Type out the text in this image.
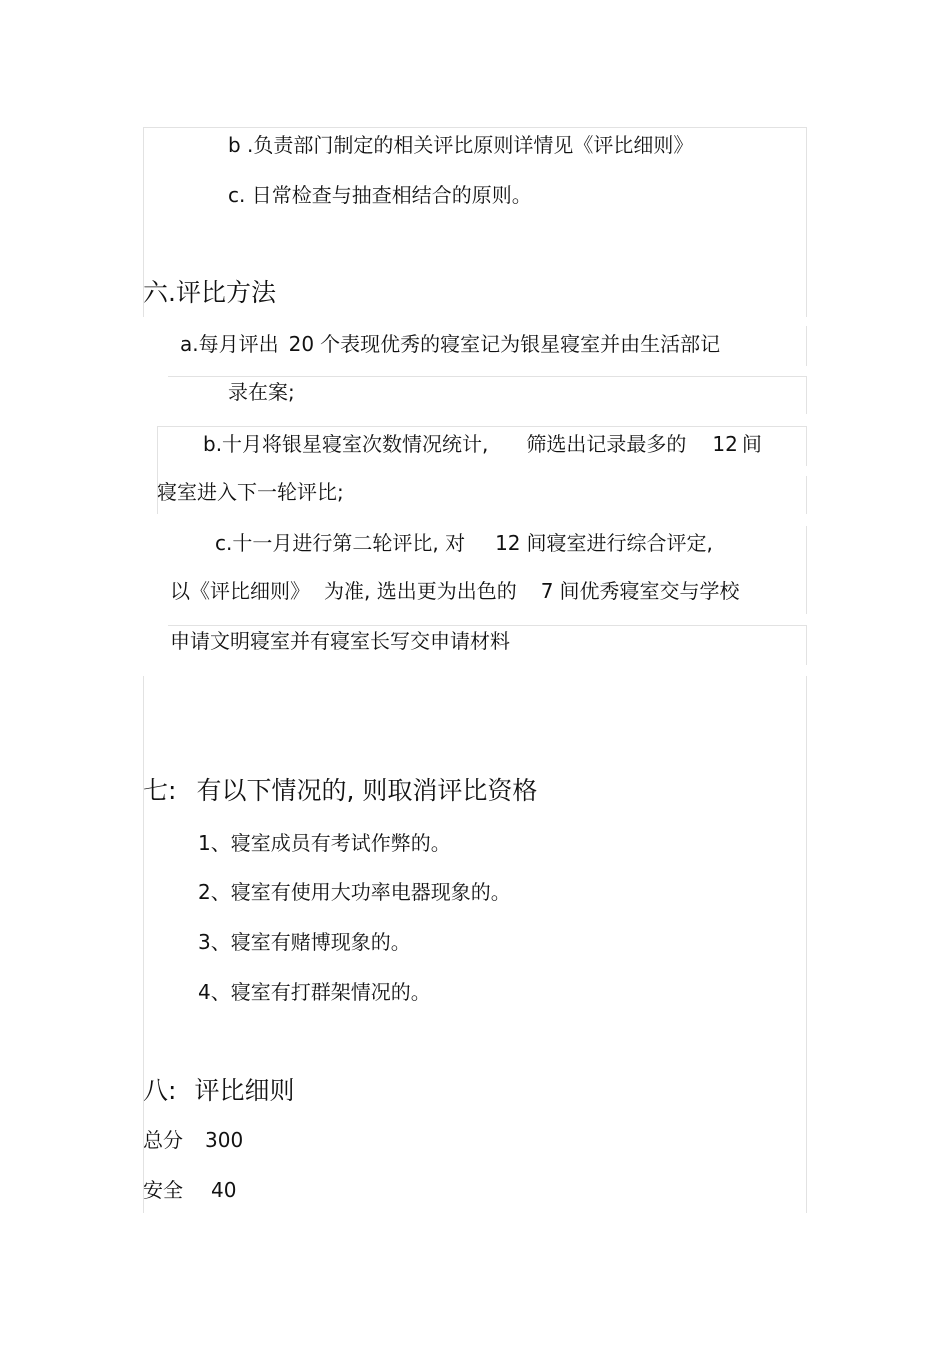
b .负责部门制定的相关评比原则详情见《评比细则》
c. 日常检查与抽查相结合的原则。
六.评比方法
a.每月评出 20 个表现优秀的寝室记为银星寝室并由生活部记
录在案;
b.十月将银星寝室次数情况统计, 筛选出记录最多的 12 间
寝室进入下一轮评比;
c.十一月进行第二轮评比, 对 12 间寝室进行综合评定,
以《评比细则》 为准, 选出更为出色的 7 间优秀寝室交与学校
申请文明寝室并有寝室长写交申请材料
七: 有以下情况的, 则取消评比资格
1、寝室成员有考试作弊的。
2、寝室有使用大功率电器现象的。
3、寝室有赌博现象的。
4、寝室有打群架情况的。
八: 评比细则
总分 300
安全 40
